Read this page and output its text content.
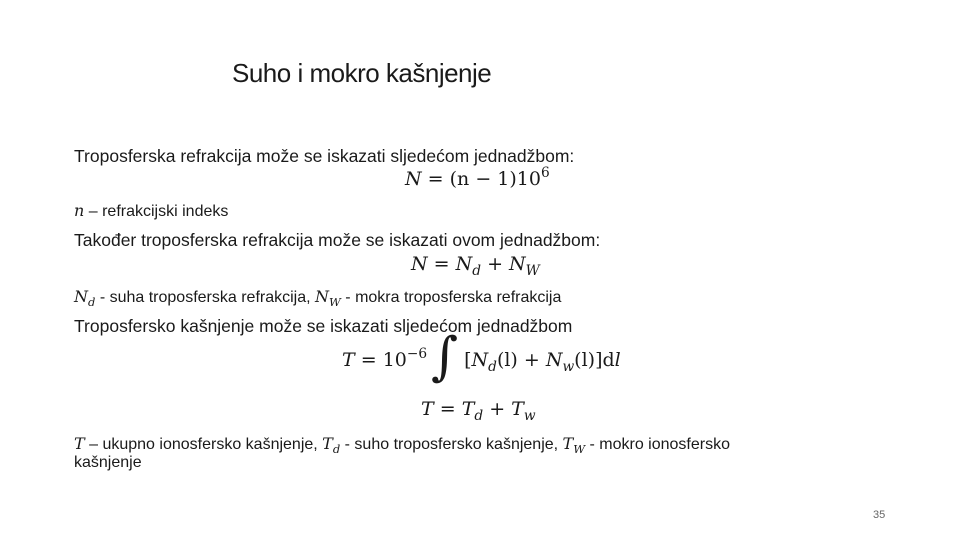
Suho i mokro kašnjenje
Troposferska refrakcija može se iskazati sljedećom jednadžbom:
$N = (n - 1)10^6$
n – refrakcijski indeks
Također troposferska refrakcija može se iskazati ovom jednadžbom:
$N = N_d + N_W$
$N_d$ - suha troposferska refrakcija, $N_W$ - mokra troposferska refrakcija
Troposfersko kašnjenje može se iskazati sljedećom jednadžbom
$T = 10^{-6}\int$ $[N_d(l) + N_w(l)]dl$
$T = T_d + T_w$
T – ukupno ionosfersko kašnjenje, $T_d$ - suho troposfersko kašnjenje, $T_W$ - mokro ionosfersko
kašnjenje
35
